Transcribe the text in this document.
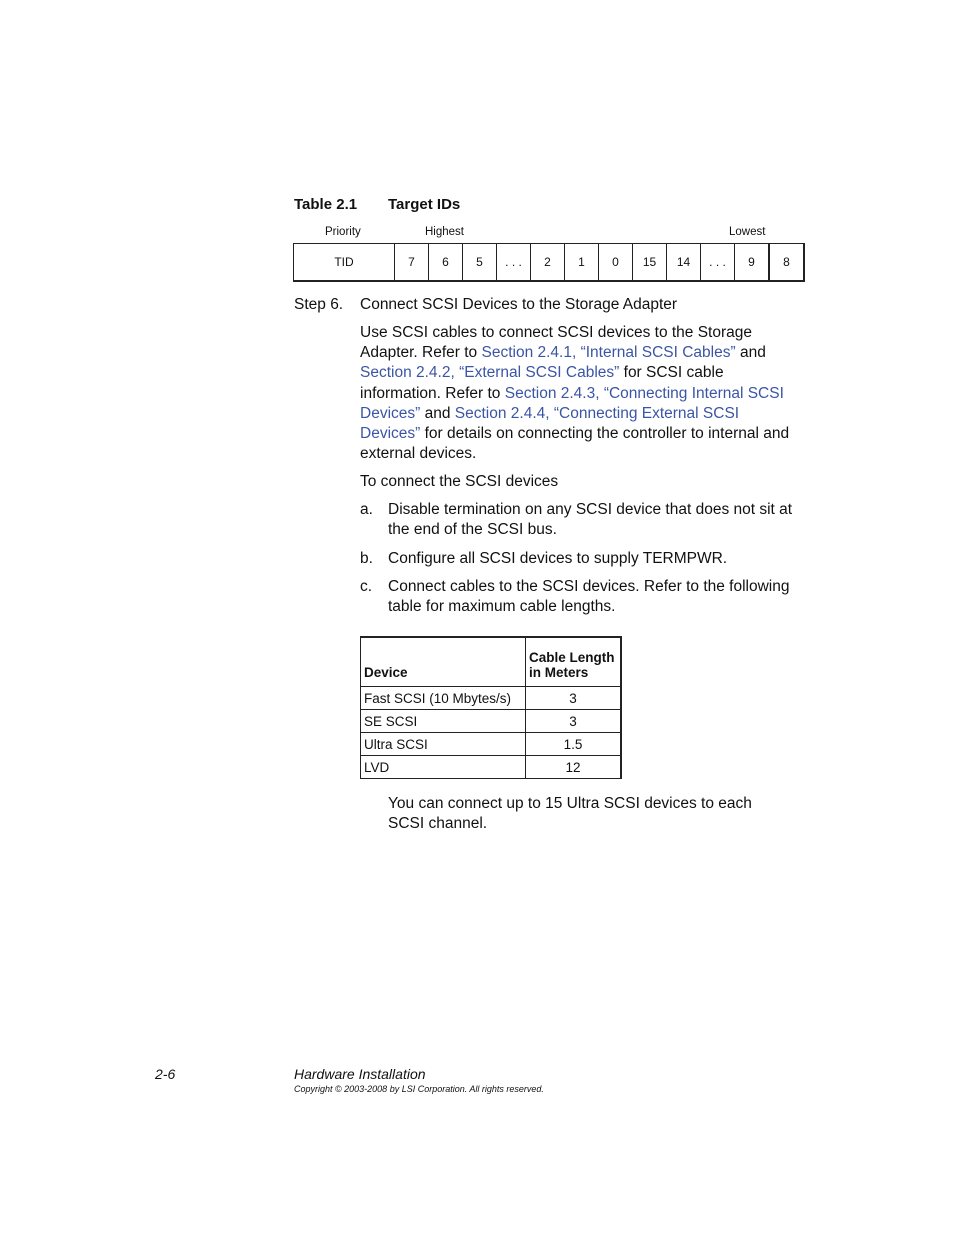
Table 2.1 Target IDs
Priority	Highest	Lowest
TID	7	6	5	. . .	2	1	0	15	14	. . .	9	8
Step 6. Connect SCSI Devices to the Storage Adapter
Use SCSI cables to connect SCSI devices to the Storage Adapter. Refer to Section 2.4.1, “Internal SCSI Cables” and Section 2.4.2, “External SCSI Cables” for SCSI cable information. Refer to Section 2.4.3, “Connecting Internal SCSI Devices” and Section 2.4.4, “Connecting External SCSI Devices” for details on connecting the controller to internal and external devices.
To connect the SCSI devices
a. Disable termination on any SCSI device that does not sit at the end of the SCSI bus.
b. Configure all SCSI devices to supply TERMPWR.
c. Connect cables to the SCSI devices. Refer to the following table for maximum cable lengths.
Device	Cable Length in Meters
Fast SCSI (10 Mbytes/s)	3
SE SCSI	3
Ultra SCSI	1.5
LVD	12
You can connect up to 15 Ultra SCSI devices to each SCSI channel.
2-6	Hardware Installation
Copyright © 2003-2008 by LSI Corporation. All rights reserved.
